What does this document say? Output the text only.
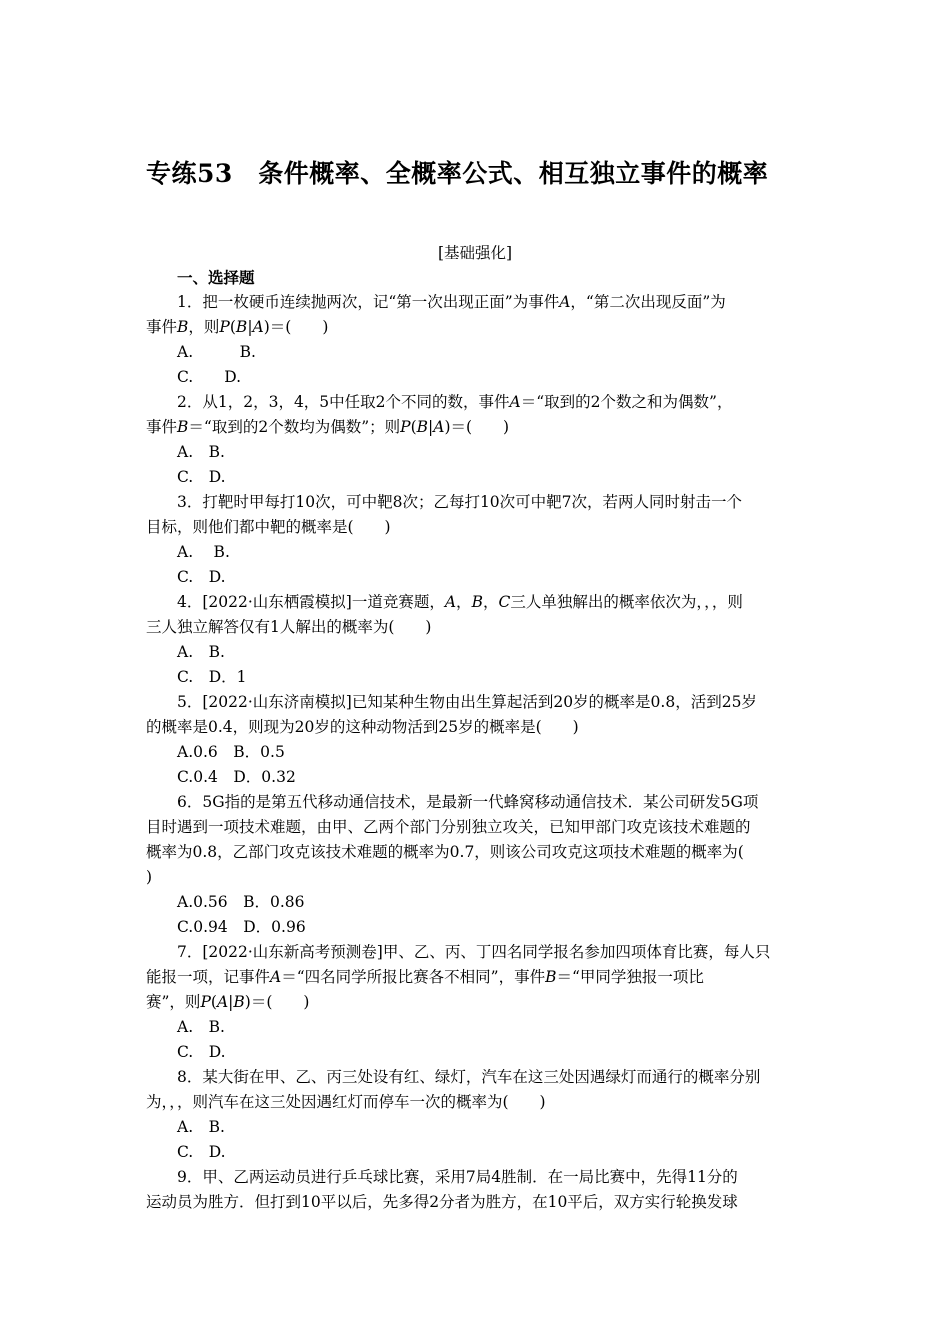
专练53　条件概率、全概率公式、相互独立事件的概率
[基础强化]
一、选择题
1．把一枚硬币连续抛两次，记“第一次出现正面”为事件A，“第二次出现反面”为
事件B，则P(B|A)＝(　　)
A.　　　B.
C.　　D.
2．从1，2，3，4，5中任取2个不同的数，事件A＝“取到的2个数之和为偶数”，
事件B＝“取到的2个数均为偶数”；则P(B|A)＝(　　)
A.　B.
C.　D.
3．打靶时甲每打10次，可中靶8次；乙每打10次可中靶7次，若两人同时射击一个
目标，则他们都中靶的概率是(　　)
A.　 B.
C.　D.
4．[2022·山东栖霞模拟]一道竞赛题，A，B，C三人单独解出的概率依次为，，，则
三人独立解答仅有1人解出的概率为(　　)
A.　B.
C.　D．1
5．[2022·山东济南模拟]已知某种生物由出生算起活到20岁的概率是0.8，活到25岁
的概率是0.4，则现为20岁的这种动物活到25岁的概率是(　　)
A.0.6　B．0.5
C.0.4　D．0.32
6．5G指的是第五代移动通信技术，是最新一代蜂窝移动通信技术．某公司研发5G项
目时遇到一项技术难题，由甲、乙两个部门分别独立攻关，已知甲部门攻克该技术难题的
概率为0.8，乙部门攻克该技术难题的概率为0.7，则该公司攻克这项技术难题的概率为(
)
A.0.56　B．0.86
C.0.94　D．0.96
7．[2022·山东新高考预测卷]甲、乙、丙、丁四名同学报名参加四项体育比赛，每人只
能报一项，记事件A＝“四名同学所报比赛各不相同”，事件B＝“甲同学独报一项比
赛”，则P(A|B)＝(　　)
A.　B.
C.　D.
8．某大街在甲、乙、丙三处设有红、绿灯，汽车在这三处因遇绿灯而通行的概率分别
为，，，则汽车在这三处因遇红灯而停车一次的概率为(　　)
A.　B.
C.　D.
9．甲、乙两运动员进行乒乓球比赛，采用7局4胜制．在一局比赛中，先得11分的
运动员为胜方．但打到10平以后，先多得2分者为胜方，在10平后，双方实行轮换发球
